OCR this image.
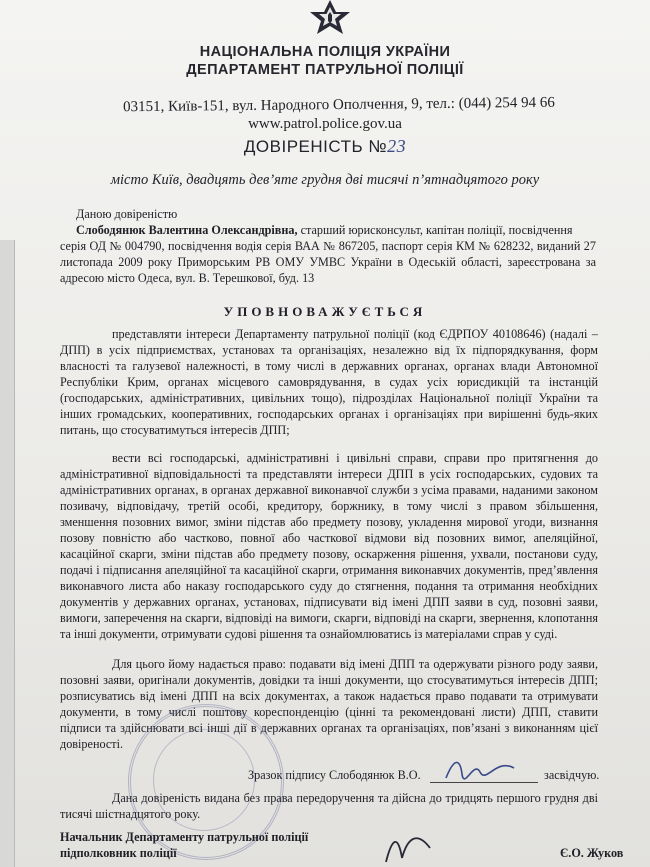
НАЦІОНАЛЬНА ПОЛІЦІЯ УКРАЇНИ
ДЕПАРТАМЕНТ ПАТРУЛЬНОЇ ПОЛІЦІЇ
03151, Київ-151, вул. Народного Ополчення, 9, тел.: (044) 254 94 66
www.patrol.police.gov.ua
ДОВІРЕНІСТЬ №23
місто Київ, двадцять дев’яте грудня дві тисячі п’ятнадцятого року
Даною довіреністю
Слободянюк Валентина Олександрівна, старший юрисконсульт, капітан поліції, посвідчення
серія ОД № 004790, посвідчення водія серія ВАА № 867205, паспорт серія КМ № 628232, виданий 27 листопада 2009 року Приморським РВ ОМУ УМВС України в Одеській області, зареєстрована за адресою місто Одеса, вул. В. Терешкової, буд. 13
УПОВНОВАЖУЄТЬСЯ
представляти інтереси Департаменту патрульної поліції (код ЄДРПОУ 40108646) (надалі – ДПП) в усіх підприємствах, установах та організаціях, незалежно від їх підпорядкування, форм власності та галузевої належності, в тому числі в державних органах, органах влади Автономної Республіки Крим, органах місцевого самоврядування, в судах усіх юрисдикцій та інстанцій (господарських, адміністративних, цивільних тощо), підрозділах Національної поліції України та інших громадських, кооперативних, господарських органах і організаціях при вирішенні будь-яких питань, що стосуватимуться інтересів ДПП;
вести всі господарські, адміністративні і цивільні справи, справи про притягнення до адміністративної відповідальності та представляти інтереси ДПП в усіх господарських, судових та адміністративних органах, в органах державної виконавчої служби з усіма правами, наданими законом позивачу, відповідачу, третій особі, кредитору, боржнику, в тому числі з правом збільшення, зменшення позовних вимог, зміни підстав або предмету позову, укладення мирової угоди, визнання позову повністю або частково, повної або часткової відмови від позовних вимог, апеляційної, касаційної скарги, зміни підстав або предмету позову, оскарження рішення, ухвали, постанови суду, подачі і підписання апеляційної та касаційної скарги, отримання виконавчих документів, пред’явлення виконавчого листа або наказу господарського суду до стягнення, подання та отримання необхідних документів у державних органах, установах, підписувати від імені ДПП заяви в суд, позовні заяви, вимоги, заперечення на скарги, відповіді на вимоги, скарги, відповіді на скарги, звернення, клопотання та інші документи, отримувати судові рішення та ознайомлюватись із матеріалами справ у суді.
Для цього йому надається право: подавати від імені ДПП та одержувати різного роду заяви, позовні заяви, оригінали документів, довідки та інші документи, що стосуватимуться інтересів ДПП; розписуватись від імені ДПП на всіх документах, а також надається право подавати та отримувати документи, в тому числі поштову кореспонденцію (цінні та рекомендовані листи) ДПП, ставити підписи та здійснювати всі інші дії в державних органах та організаціях, пов’язані з виконанням цієї довіреності.
Зразок підпису Слободянюк В.О.	засвідчую.
Дана довіреність видана без права передоручення та дійсна до тридцять першого грудня дві тисячі шістнадцятого року.
Начальник Департаменту патрульної поліції
підполковник поліції	Є.О. Жуков
